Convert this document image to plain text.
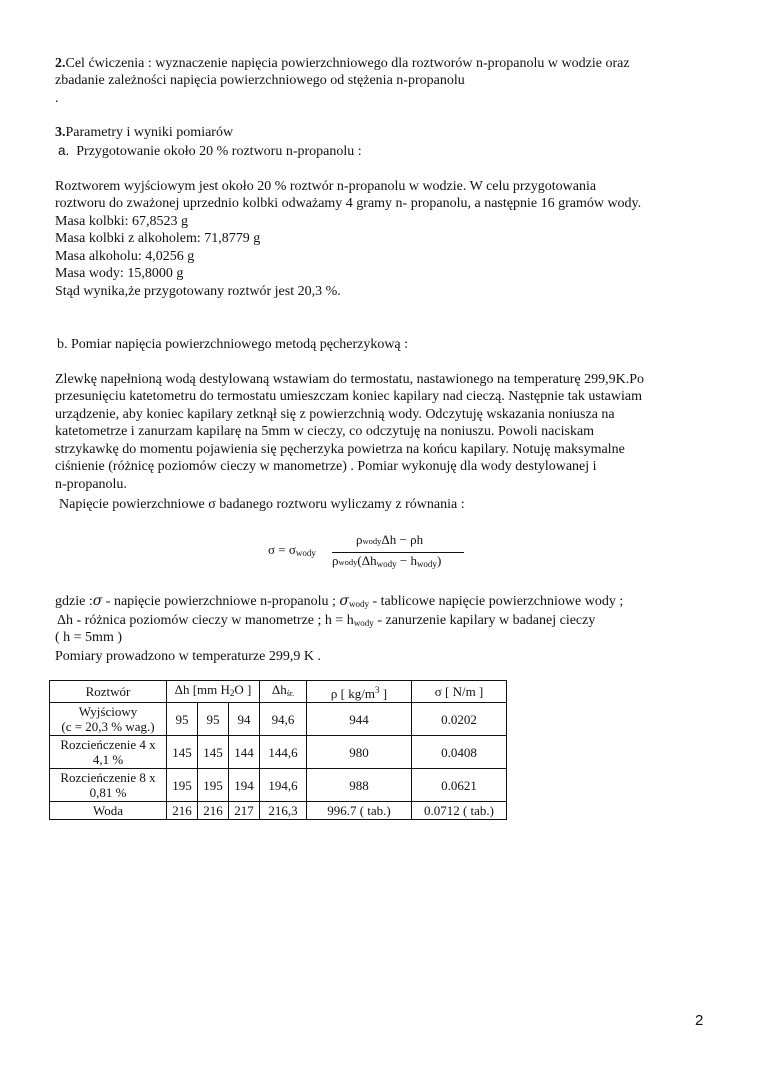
2.Cel ćwiczenia : wyznaczenie napięcia powierzchniowego dla roztworów n-propanolu w wodzie oraz
zbadanie zależności napięcia powierzchniowego od stężenia n-propanolu
.
3.Parametry i wyniki pomiarów
a. Przygotowanie około 20 % roztworu n-propanolu :
Roztworem wyjściowym jest około 20 % roztwór n-propanolu w wodzie. W celu przygotowania
roztworu do zważonej uprzednio kolbki odważamy 4 gramy n- propanolu, a następnie 16 gramów wody.
Masa kolbki: 67,8523 g
Masa kolbki z alkoholem: 71,8779 g
Masa alkoholu: 4,0256 g
Masa wody: 15,8000 g
Stąd wynika,że przygotowany roztwór jest 20,3 %.
b. Pomiar napięcia powierzchniowego metodą pęcherzykową :
Zlewkę napełnioną wodą destylowaną wstawiam do termostatu, nastawionego na temperaturę 299,9K.Po
przesunięciu katetometru do termostatu umieszczam koniec kapilary nad cieczą. Następnie tak ustawiam
urządzenie, aby koniec kapilary zetknął się z powierzchnią wody. Odczytuję wskazania noniusza na
katetometrze i zanurzam kapilarę na 5mm w cieczy, co odczytuję na noniuszu. Powoli naciskam
strzykawkę do momentu pojawienia się pęcherzyka powietrza na końcu kapilary. Notuję maksymalne
ciśnienie (różnicę poziomów cieczy w manometrze) . Pomiar wykonuję dla wody destylowanej i
n-propanolu.
Napięcie powierzchniowe σ badanego roztworu wyliczamy z równania :
$\sigma = \sigma_{wody}$
ρwodyΔh − ρh
$\rho wody(\Delta h_{wody} - h_{wody})$
gdzie :σ - napięcie powierzchniowe n-propanolu ; $\sigma_{wody}$ - tablicowe napięcie powierzchniowe wody ;
Δh - różnica poziomów cieczy w manometrze ; $h = h_{wody}$ - zanurzenie kapilary w badanej cieczy
( h = 5mm )
Pomiary prowadzono w temperaturze 299,9 K .
Roztwór	Δh [mm $H_2O$ ]			$\Delta h_{śr.}$	ρ [ $kg/m^3$ ]	σ [ N/m ]

Wyjściowy
(c = 20,3 % wag.)	95	95	94	94,6	944	0.0202

Rozcieńczenie 4 x
4,1 %	145	145	144	144,6	980	0.0408

Rozcieńczenie 8 x
0,81 %	195	195	194	194,6	988	0.0621
Woda	216	216	217	216,3	996.7 ( tab.)	0.0712 ( tab.)
2
